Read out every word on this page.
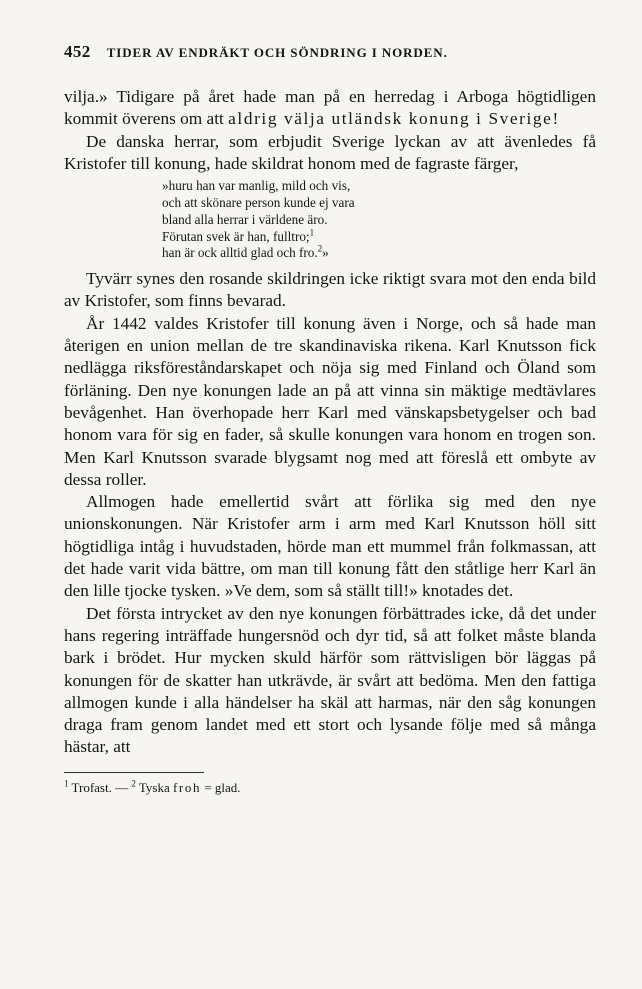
452 TIDER AV ENDRÄKT OCH SÖNDRING I NORDEN.

vilja.» Tidigare på året hade man på en herredag i Arboga högtidligen kommit överens om att aldrig välja utländsk konung i Sverige!

De danska herrar, som erbjudit Sverige lyckan av att ävenledes få Kristofer till konung, hade skildrat honom med de fagraste färger,

»huru han var manlig, mild och vis,
och att skönare person kunde ej vara
bland alla herrar i världene äro.
Förutan svek är han, fulltro;$^1$
han är ock alltid glad och fro.$^2$»

Tyvärr synes den rosande skildringen icke riktigt svara mot den enda bild av Kristofer, som finns bevarad.

År 1442 valdes Kristofer till konung även i Norge, och så hade man återigen en union mellan de tre skandinaviska rikena. Karl Knutsson fick nedlägga riksföreståndarskapet och nöja sig med Finland och Öland som förläning. Den nye konungen lade an på att vinna sin mäktige medtävlares bevågenhet. Han överhopade herr Karl med vänskapsbetygelser och bad honom vara för sig en fader, så skulle konungen vara honom en trogen son. Men Karl Knutsson svarade blygsamt nog med att föreslå ett ombyte av dessa roller.

Allmogen hade emellertid svårt att förlika sig med den nye unionskonungen. När Kristofer arm i arm med Karl Knutsson höll sitt högtidliga intåg i huvudstaden, hörde man ett mummel från folkmassan, att det hade varit vida bättre, om man till konung fått den ståtlige herr Karl än den lille tjocke tysken. »Ve dem, som så ställt till!» knotades det.

Det första intrycket av den nye konungen förbättrades icke, då det under hans regering inträffade hungersnöd och dyr tid, så att folket måste blanda bark i brödet. Hur mycken skuld härför som rättvisligen bör läggas på konungen för de skatter han utkrävde, är svårt att bedöma. Men den fattiga allmogen kunde i alla händelser ha skäl att harmas, när den såg konungen draga fram genom landet med ett stort och lysande följe med så många hästar, att

$^1$ Trofast. — $^2$ Tyska froh = glad.
